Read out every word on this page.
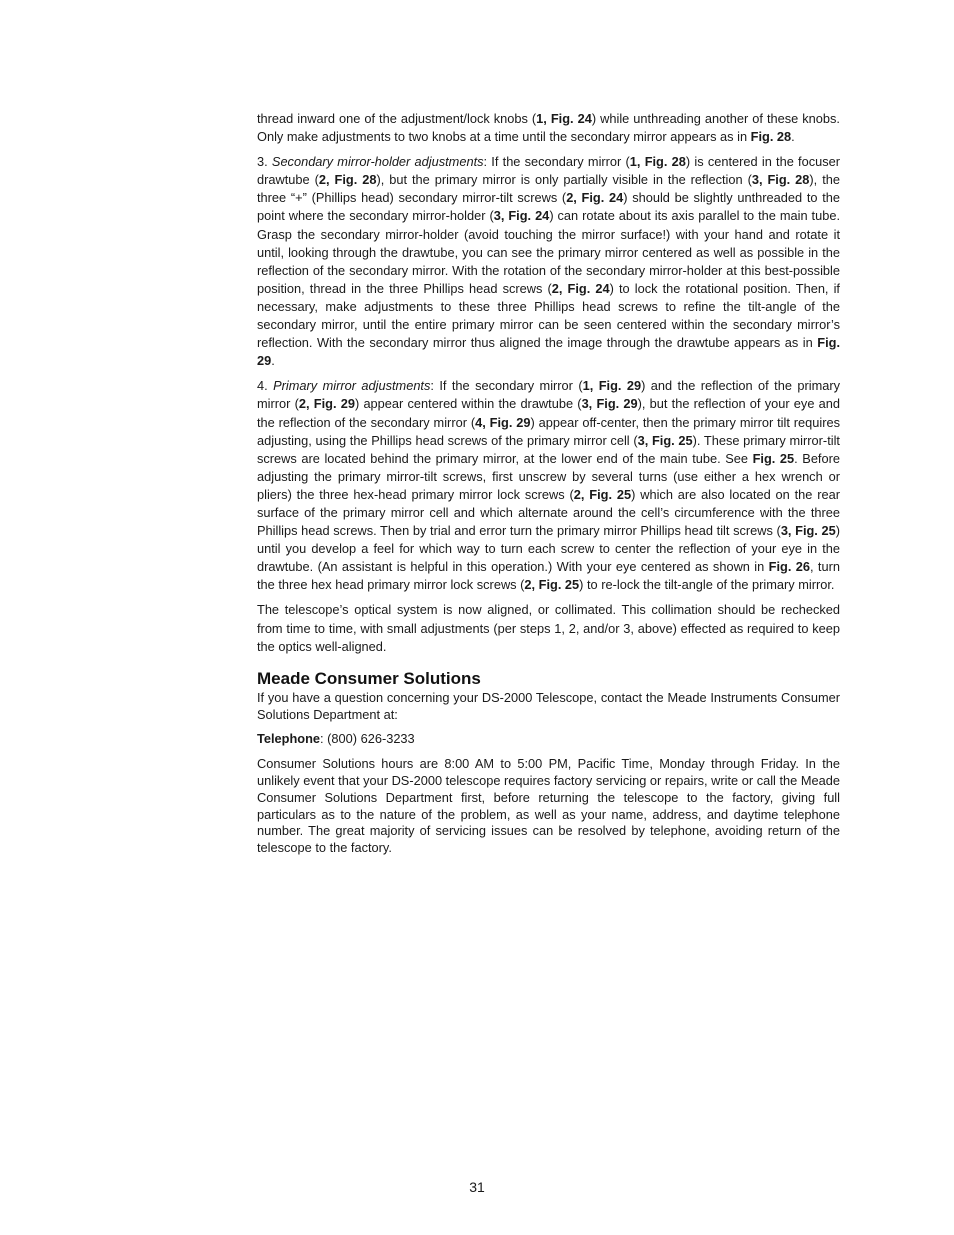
thread inward one of the adjustment/lock knobs (1, Fig. 24) while unthreading another of these knobs. Only make adjustments to two knobs at a time until the secondary mirror appears as in Fig. 28.

3. Secondary mirror-holder adjustments: If the secondary mirror (1, Fig. 28) is centered in the focuser drawtube (2, Fig. 28), but the primary mirror is only partially visible in the reflection (3, Fig. 28), the three “+” (Phillips head) secondary mirror-tilt screws (2, Fig. 24) should be slightly unthreaded to the point where the secondary mirror-holder (3, Fig. 24) can rotate about its axis parallel to the main tube. Grasp the secondary mirror-holder (avoid touching the mirror surface!) with your hand and rotate it until, looking through the drawtube, you can see the primary mirror centered as well as possible in the reflection of the secondary mirror. With the rotation of the secondary mirror-holder at this best-possible position, thread in the three Phillips head screws (2, Fig. 24) to lock the rotational position. Then, if necessary, make adjustments to these three Phillips head screws to refine the tilt-angle of the secondary mirror, until the entire primary mirror can be seen centered within the secondary mirror’s reflection. With the secondary mirror thus aligned the image through the drawtube appears as in Fig. 29.

4. Primary mirror adjustments: If the secondary mirror (1, Fig. 29) and the reflection of the primary mirror (2, Fig. 29) appear centered within the drawtube (3, Fig. 29), but the reflection of your eye and the reflection of the secondary mirror (4, Fig. 29) appear off-center, then the primary mirror tilt requires adjusting, using the Phillips head screws of the primary mirror cell (3, Fig. 25). These primary mirror-tilt screws are located behind the primary mirror, at the lower end of the main tube. See Fig. 25. Before adjusting the primary mirror-tilt screws, first unscrew by several turns (use either a hex wrench or pliers) the three hex-head primary mirror lock screws (2, Fig. 25) which are also located on the rear surface of the primary mirror cell and which alternate around the cell’s circumference with the three Phillips head screws. Then by trial and error turn the primary mirror Phillips head tilt screws (3, Fig. 25) until you develop a feel for which way to turn each screw to center the reflection of your eye in the drawtube. (An assistant is helpful in this operation.) With your eye centered as shown in Fig. 26, turn the three hex head primary mirror lock screws (2, Fig. 25) to re-lock the tilt-angle of the primary mirror.

The telescope’s optical system is now aligned, or collimated. This collimation should be rechecked from time to time, with small adjustments (per steps 1, 2, and/or 3, above) effected as required to keep the optics well-aligned.

Meade Consumer Solutions

If you have a question concerning your DS-2000 Telescope, contact the Meade Instruments Consumer Solutions Department at:

Telephone: (800) 626-3233

Consumer Solutions hours are 8:00 AM to 5:00 PM, Pacific Time, Monday through Friday. In the unlikely event that your DS-2000 telescope requires factory servicing or repairs, write or call the Meade Consumer Solutions Department first, before returning the telescope to the factory, giving full particulars as to the nature of the problem, as well as your name, address, and daytime telephone number. The great majority of servicing issues can be resolved by telephone, avoiding return of the telescope to the factory.

31
